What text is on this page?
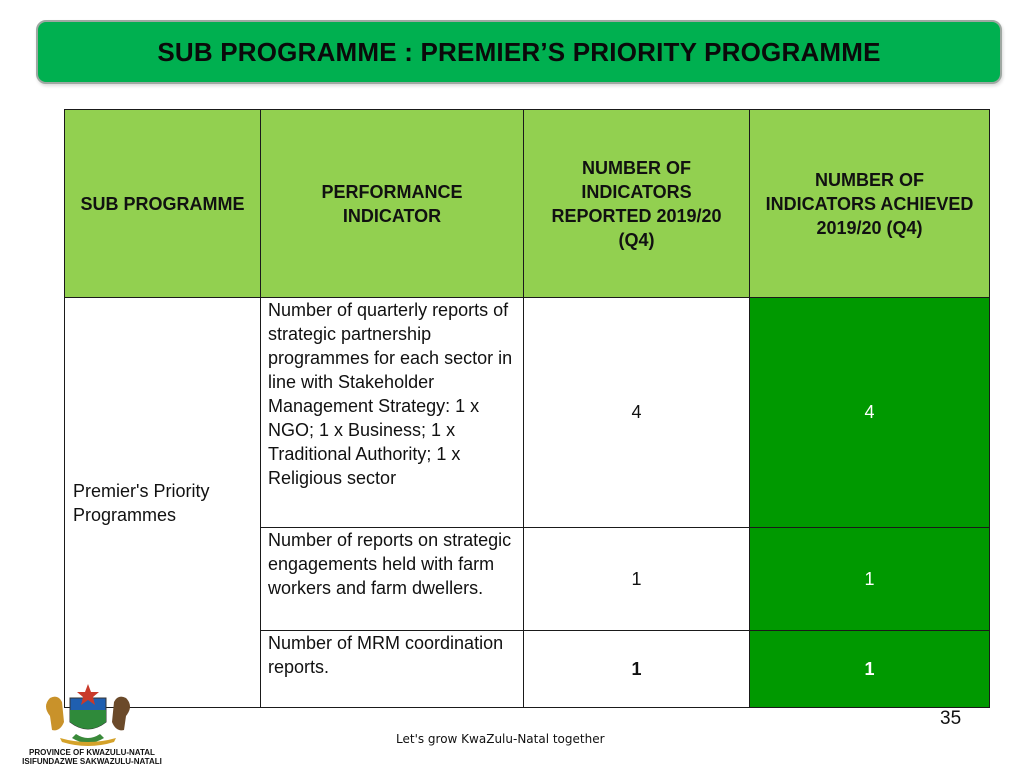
SUB PROGRAMME : PREMIER’S PRIORITY PROGRAMME
SUB PROGRAMME	PERFORMANCE INDICATOR	NUMBER OF INDICATORS REPORTED 2019/20 (Q4)	NUMBER OF INDICATORS ACHIEVED 2019/20 (Q4)
Premier's Priority Programmes	Number of quarterly reports of strategic partnership programmes for each sector in line with Stakeholder Management Strategy: 1 x NGO; 1 x Business; 1 x Traditional Authority; 1 x Religious sector	4	4
	Number of reports on strategic engagements held with farm workers and farm dwellers.	1	1
	Number of MRM coordination reports.	1	1
35
Let's grow KwaZulu-Natal together
PROVINCE OF KWAZULU-NATAL
ISIFUNDAZWE SAKWAZULU-NATALI
